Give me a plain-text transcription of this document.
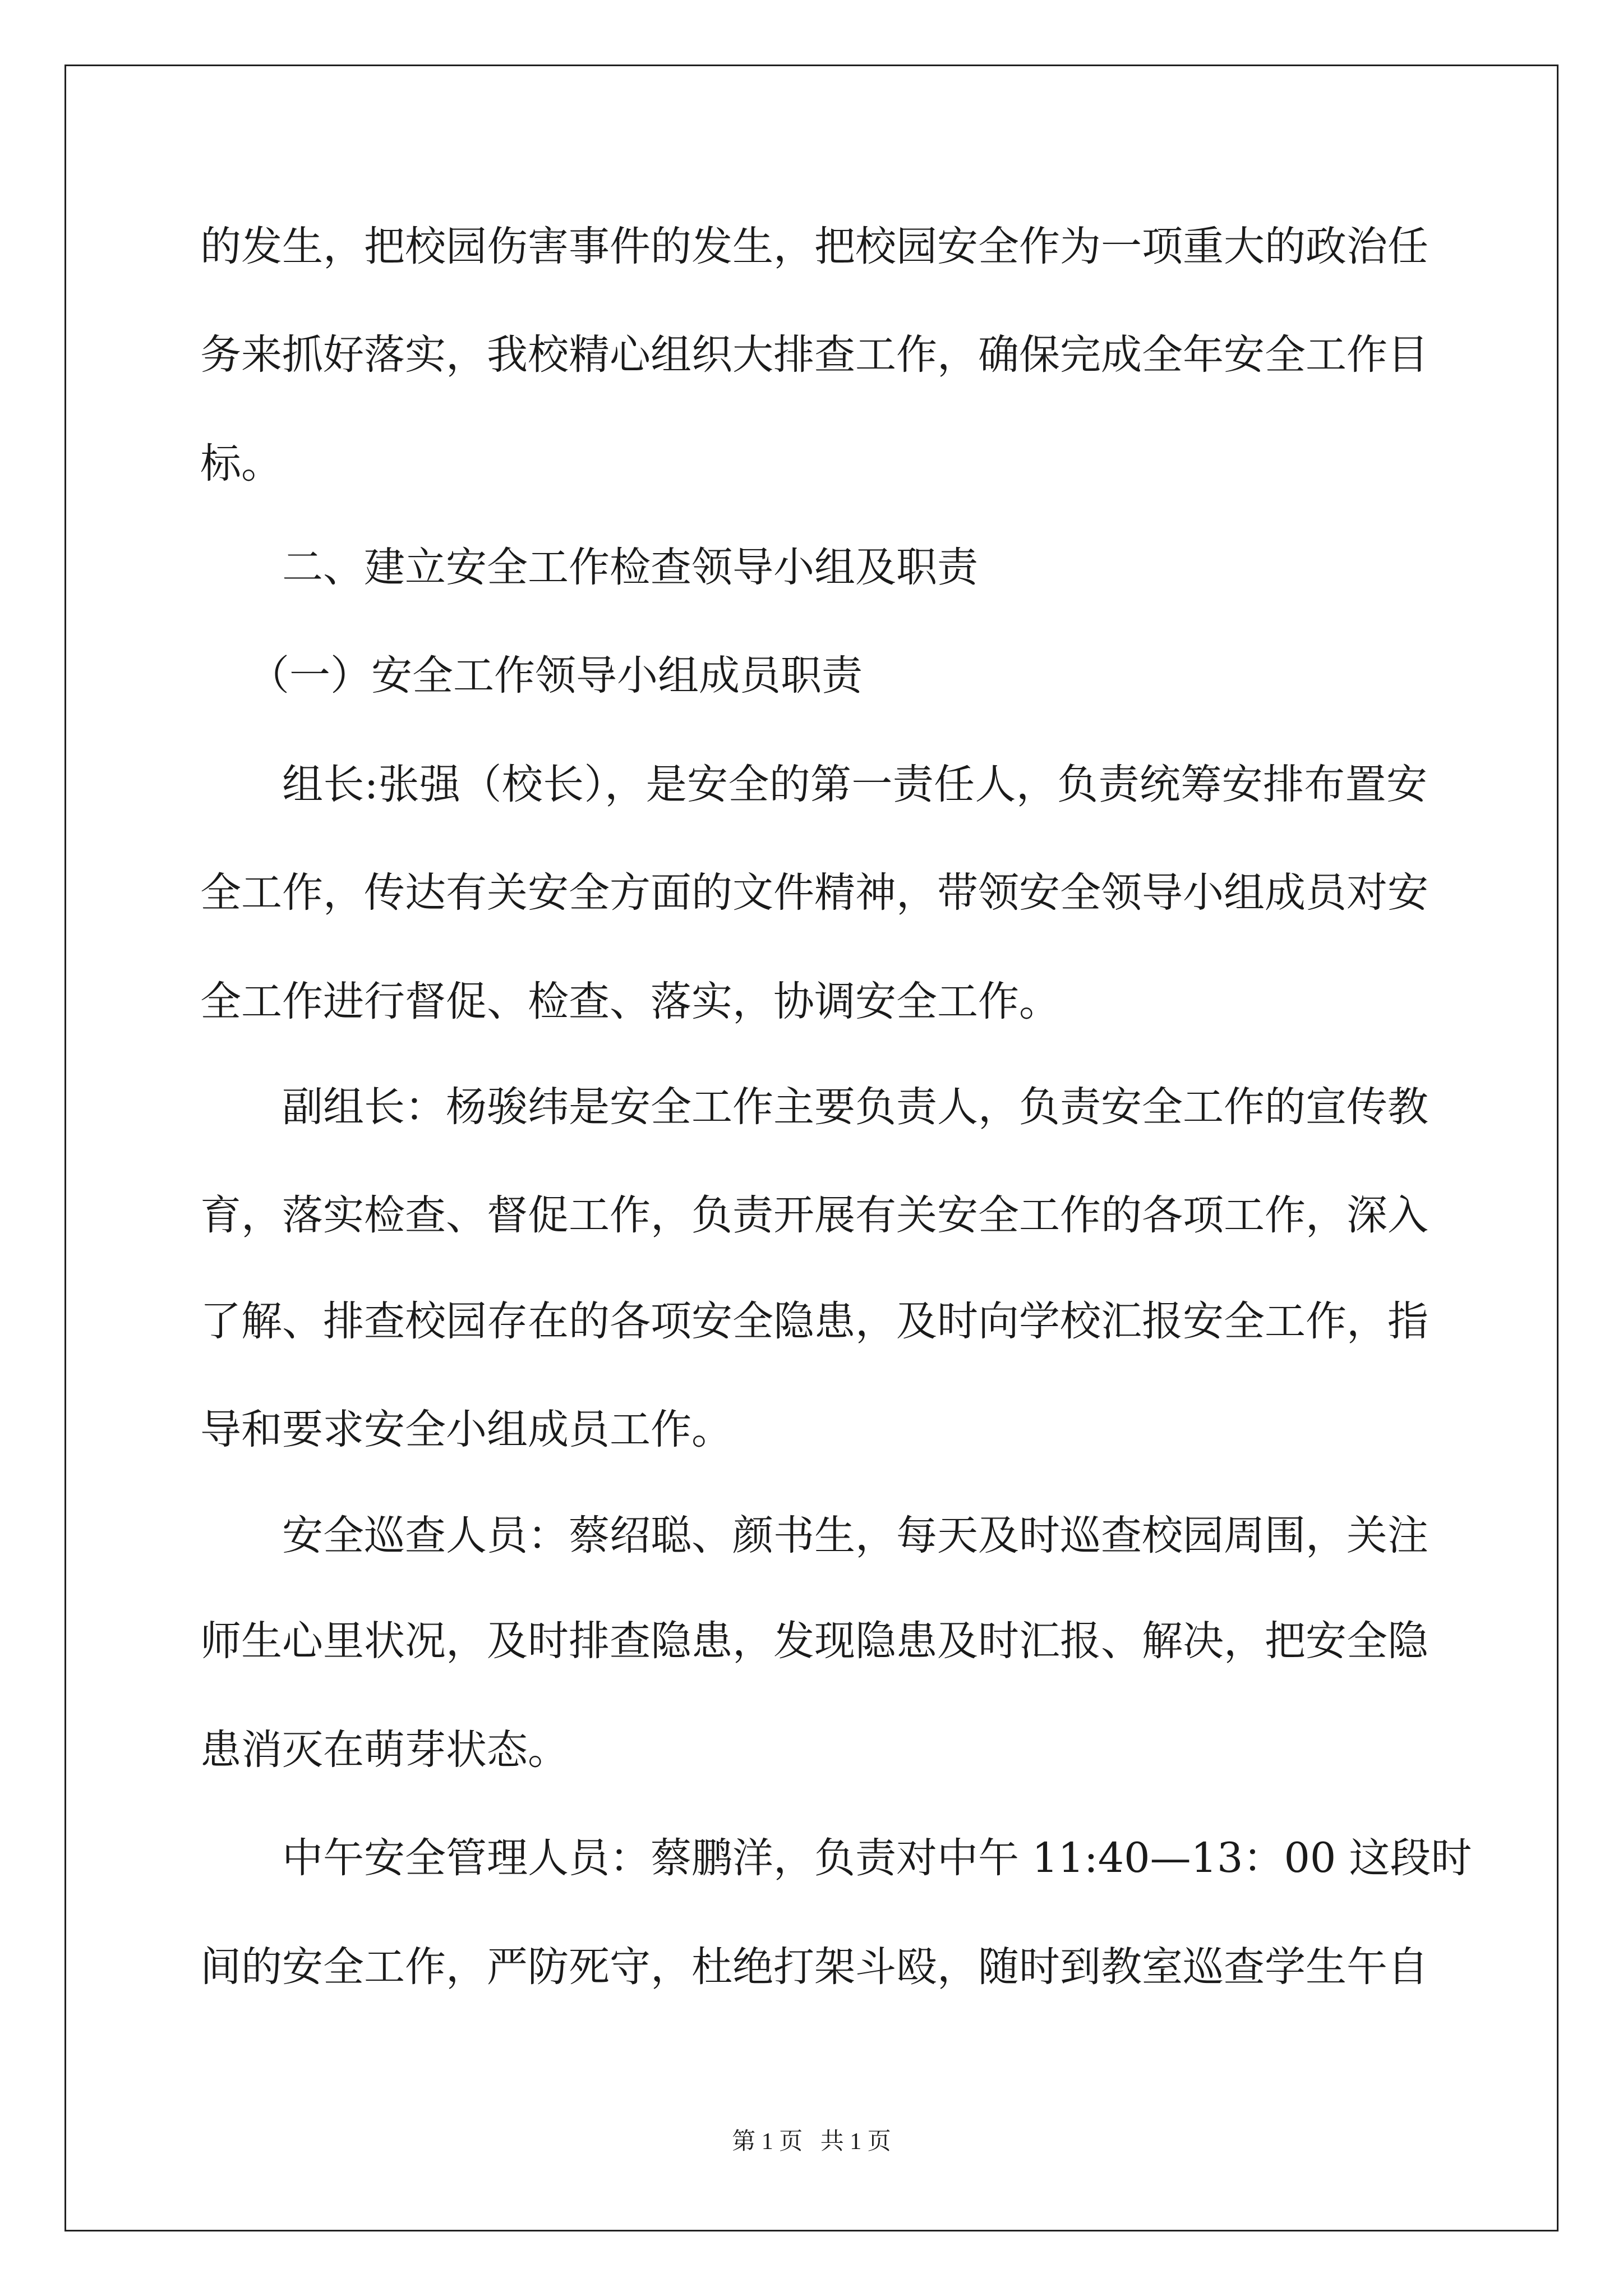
的发生，把校园伤害事件的发生，把校园安全作为一项重大的政治任
务来抓好落实，我校精心组织大排查工作，确保完成全年安全工作目
标。
二、建立安全工作检查领导小组及职责
（一）安全工作领导小组成员职责
组长:张强（校长），是安全的第一责任人，负责统筹安排布置安
全工作，传达有关安全方面的文件精神，带领安全领导小组成员对安
全工作进行督促、检查、落实，协调安全工作。
副组长：杨骏纬是安全工作主要负责人，负责安全工作的宣传教
育，落实检查、督促工作，负责开展有关安全工作的各项工作，深入
了解、排查校园存在的各项安全隐患，及时向学校汇报安全工作，指
导和要求安全小组成员工作。
安全巡查人员：蔡绍聪、颜书生，每天及时巡查校园周围，关注
师生心里状况，及时排查隐患，发现隐患及时汇报、解决，把安全隐
患消灭在萌芽状态。
中午安全管理人员：蔡鹏洋，负责对中午 11:40—13：00 这段时
间的安全工作，严防死守，杜绝打架斗殴，随时到教室巡查学生午自
第 1 页   共 1 页
